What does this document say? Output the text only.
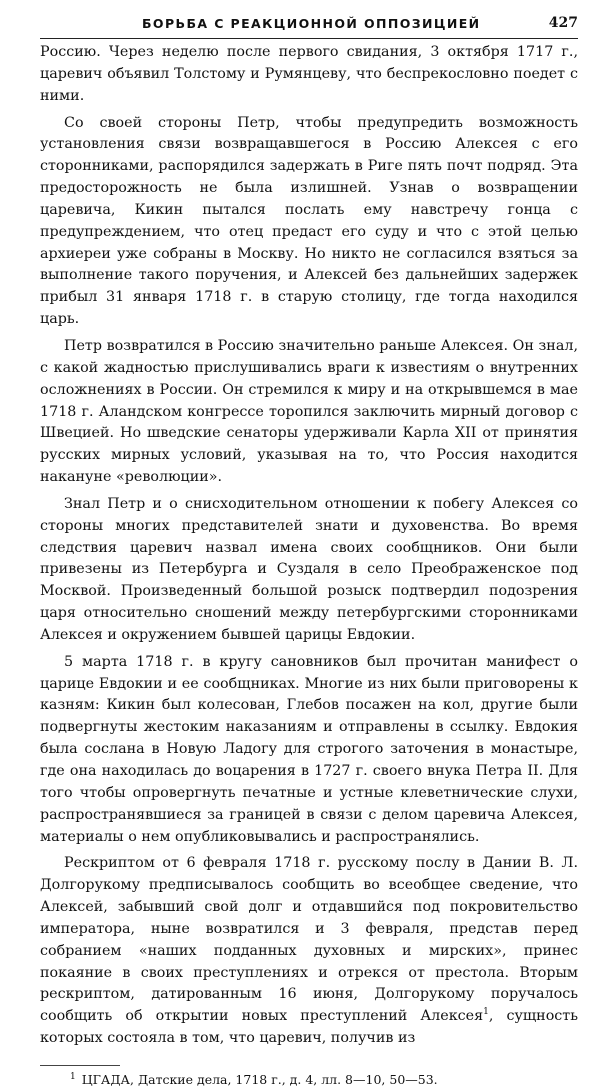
БОРЬБА С РЕАКЦИОННОЙ ОППОЗИЦИЕЙ	427

Россию. Через неделю после первого свидания, 3 октября 1717 г., царевич объявил Толстому и Румянцеву, что беспрекословно поедет с ними.

Со своей стороны Петр, чтобы предупредить возможность установления связи возвращавшегося в Россию Алексея с его сторонниками, распорядился задержать в Риге пять почт подряд. Эта предосторожность не была излишней. Узнав о возвращении царевича, Кикин пытался послать ему навстречу гонца с предупреждением, что отец предаст его суду и что с этой целью архиереи уже собраны в Москву. Но никто не согласился взяться за выполнение такого поручения, и Алексей без дальнейших задержек прибыл 31 января 1718 г. в старую столицу, где тогда находился царь.

Петр возвратился в Россию значительно раньше Алексея. Он знал, с какой жадностью прислушивались враги к известиям о внутренних осложнениях в России. Он стремился к миру и на открывшемся в мае 1718 г. Аландском конгрессе торопился заключить мирный договор с Швецией. Но шведские сенаторы удерживали Карла XII от принятия русских мирных условий, указывая на то, что Россия находится накануне «революции».

Знал Петр и о снисходительном отношении к побегу Алексея со стороны многих представителей знати и духовенства. Во время следствия царевич назвал имена своих сообщников. Они были привезены из Петербурга и Суздаля в село Преображенское под Москвой. Произведенный большой розыск подтвердил подозрения царя относительно сношений между петербургскими сторонниками Алексея и окружением бывшей царицы Евдокии.

5 марта 1718 г. в кругу сановников был прочитан манифест о царице Евдокии и ее сообщниках. Многие из них были приговорены к казням: Кикин был колесован, Глебов посажен на кол, другие были подвергнуты жестоким наказаниям и отправлены в ссылку. Евдокия была сослана в Новую Ладогу для строгого заточения в монастыре, где она находилась до воцарения в 1727 г. своего внука Петра II. Для того чтобы опровергнуть печатные и устные клеветнические слухи, распространявшиеся за границей в связи с делом царевича Алексея, материалы о нем опубликовывались и распространялись.

Рескриптом от 6 февраля 1718 г. русскому послу в Дании В. Л. Долгорукому предписывалось сообщить во всеобщее сведение, что Алексей, забывший свой долг и отдавшийся под покровительство императора, ныне возвратился и 3 февраля, представ перед собранием «наших подданных духовных и мирских», принес покаяние в своих преступлениях и отрекся от престола. Вторым рескриптом, датированным 16 июня, Долгорукому поручалось сообщить об открытии новых преступлений Алексея$^1$, сущность которых состояла в том, что царевич, получив из

$^1$ ЦГАДА, Датские дела, 1718 г., д. 4, лл. 8—10, 50—53.
